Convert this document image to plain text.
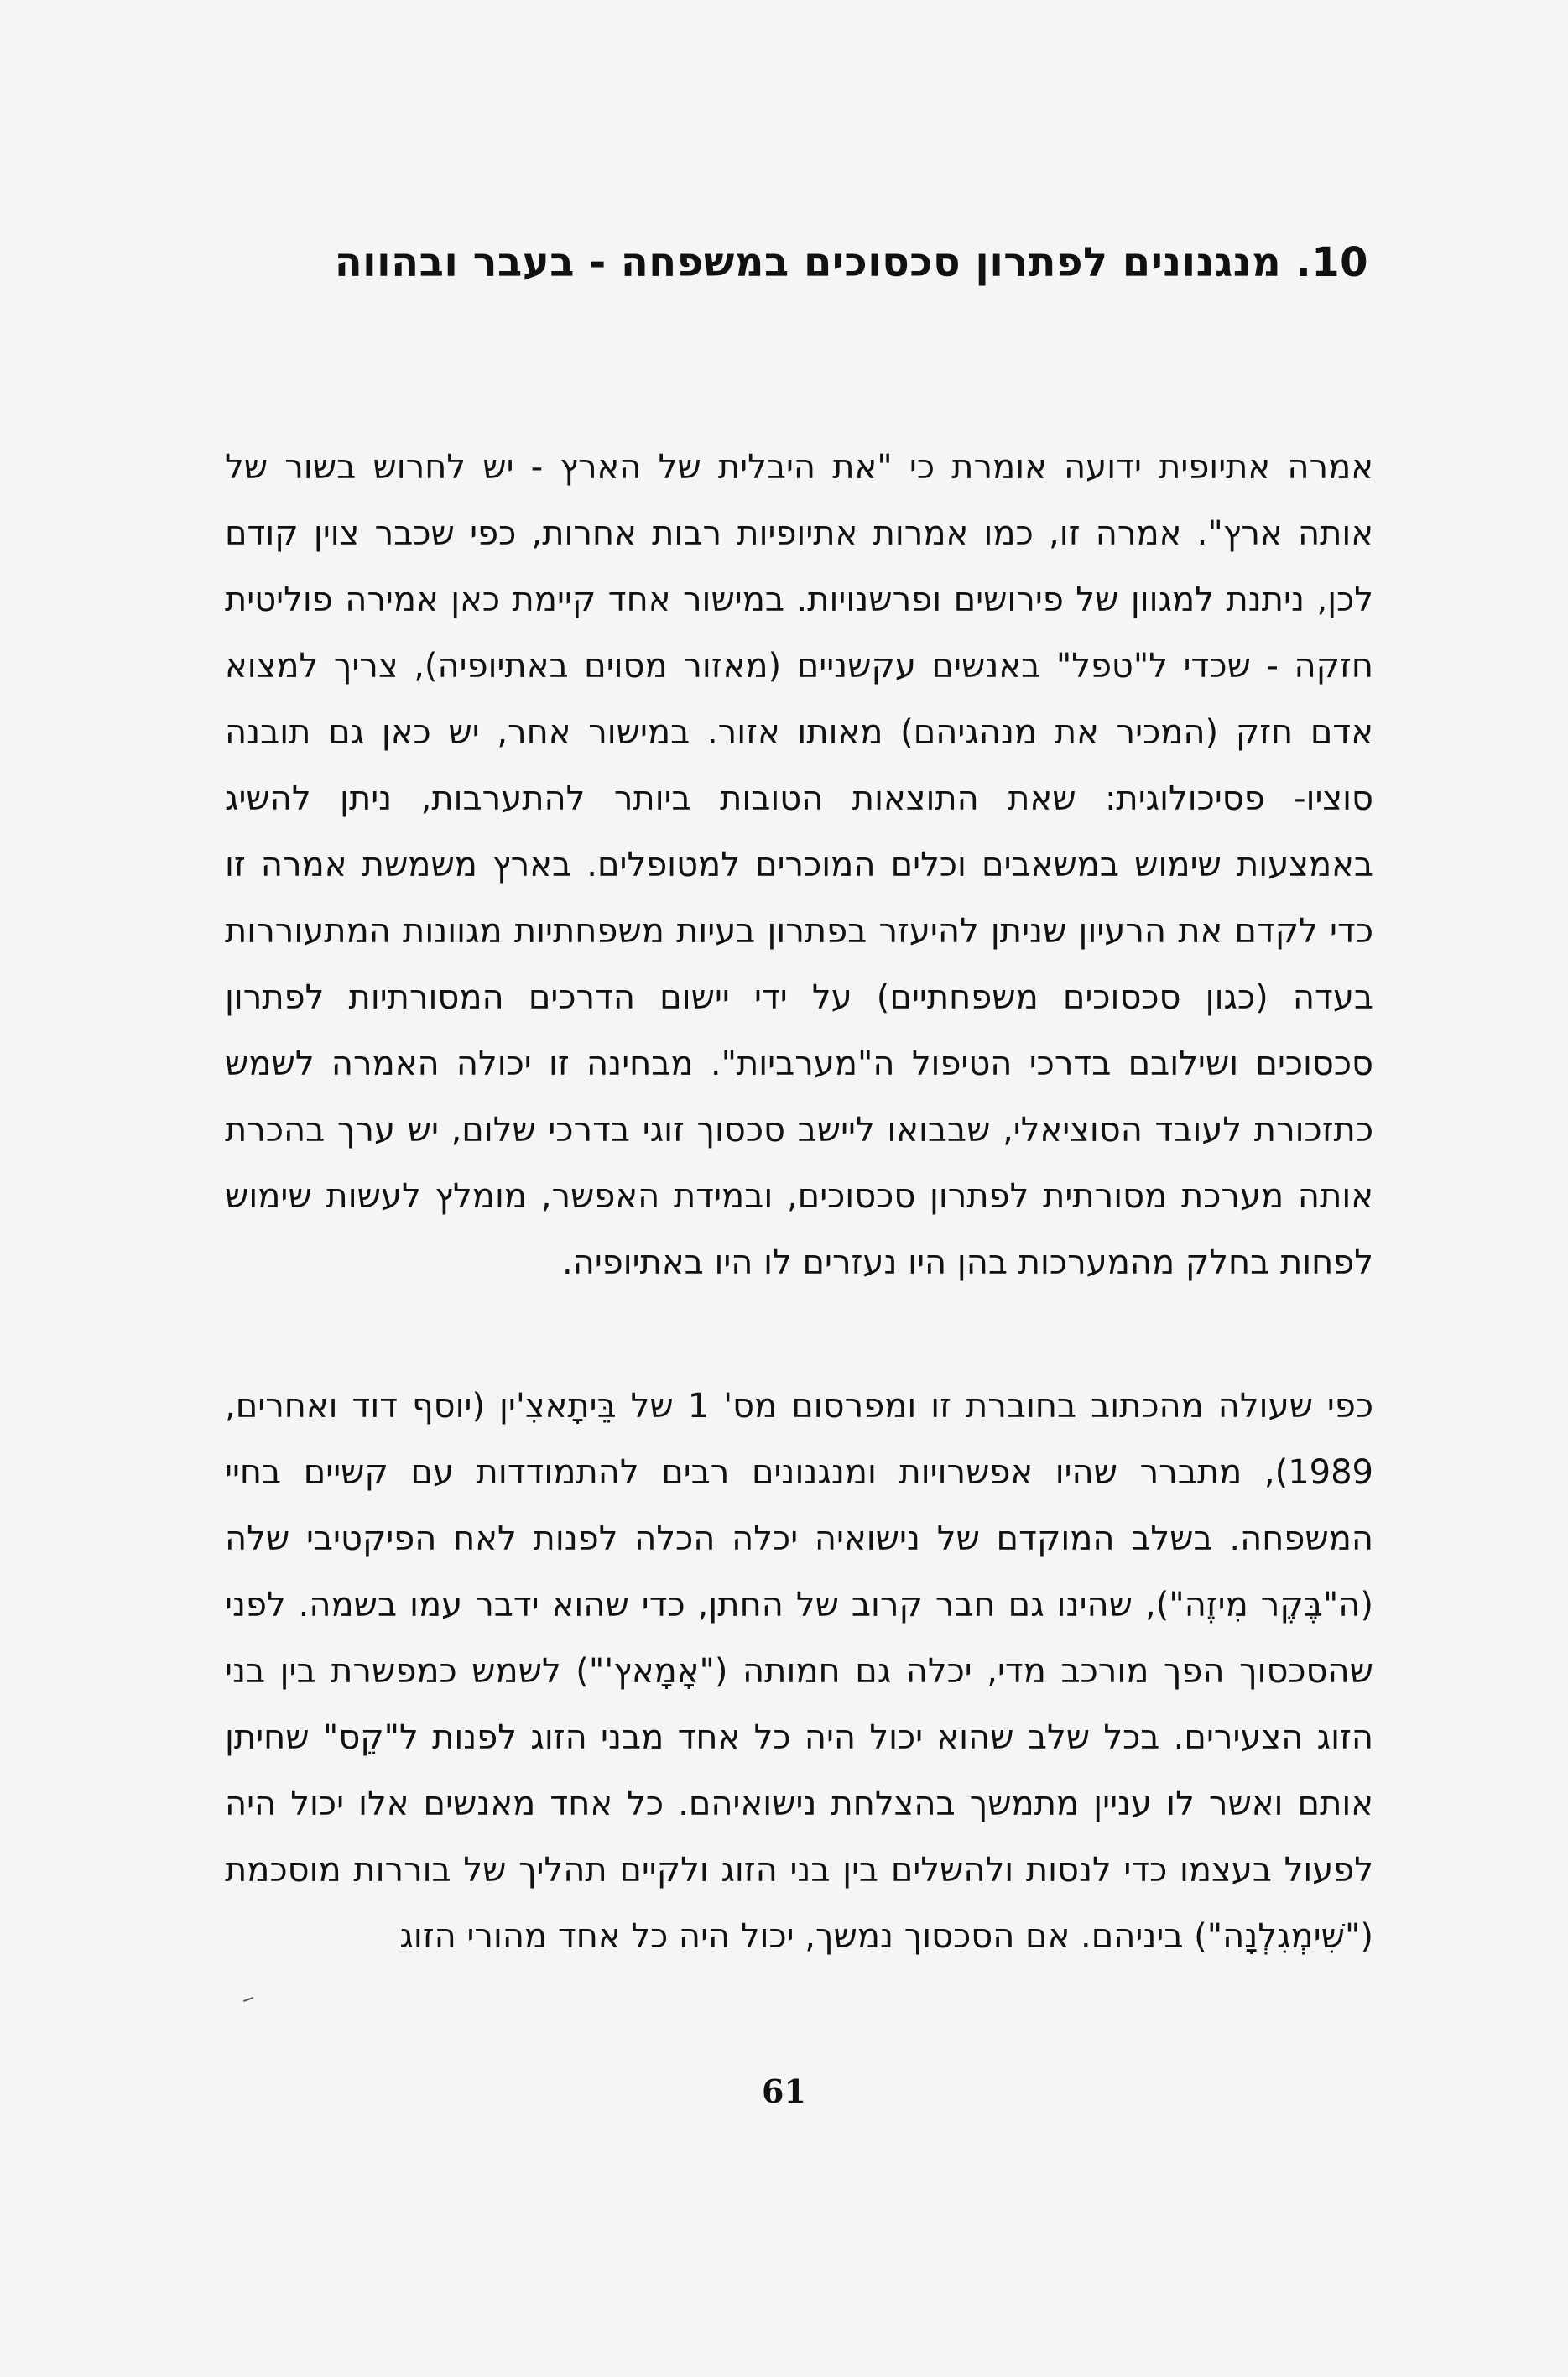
10. מנגנונים לפתרון סכסוכים במשפחה - בעבר ובהווה

אמרה אתיופית ידועה אומרת כי "את היבלית של הארץ - יש לחרוש בשור של אותה ארץ". אמרה זו, כמו אמרות אתיופיות רבות אחרות, כפי שכבר צוין קודם לכן, ניתנת למגוון של פירושים ופרשנויות. במישור אחד קיימת כאן אמירה פוליטית חזקה - שכדי ל"טפל" באנשים עקשניים (מאזור מסוים באתיופיה), צריך למצוא אדם חזק (המכיר את מנהגיהם) מאותו אזור. במישור אחר, יש כאן גם תובנה סוציו- פסיכולוגית: שאת התוצאות הטובות ביותר להתערבות, ניתן להשיג באמצעות שימוש במשאבים וכלים המוכרים למטופלים. בארץ משמשת אמרה זו כדי לקדם את הרעיון שניתן להיעזר בפתרון בעיות משפחתיות מגוונות המתעוררות בעדה (כגון סכסוכים משפחתיים) על ידי יישום הדרכים המסורתיות לפתרון סכסוכים ושילובם בדרכי הטיפול ה"מערביות". מבחינה זו יכולה האמרה לשמש כתזכורת לעובד הסוציאלי, שבבואו ליישב סכסוך זוגי בדרכי שלום, יש ערך בהכרת אותה מערכת מסורתית לפתרון סכסוכים, ובמידת האפשר, מומלץ לעשות שימוש לפחות בחלק מהמערכות בהן היו נעזרים לו היו באתיופיה.

כפי שעולה מהכתוב בחוברת זו ומפרסום מס' 1 של בֵּיתָאצִ'ין (יוסף דוד ואחרים, 1989), מתברר שהיו אפשרויות ומנגנונים רבים להתמודדות עם קשיים בחיי המשפחה. בשלב המוקדם של נישואיה יכלה הכלה לפנות לאח הפיקטיבי שלה (ה"בֶּקֶר מִיזֶה"), שהינו גם חבר קרוב של החתן, כדי שהוא ידבר עמו בשמה. לפני שהסכסוך הפך מורכב מדי, יכלה גם חמותה ("אָמָאץ'") לשמש כמפשרת בין בני הזוג הצעירים. בכל שלב שהוא יכול היה כל אחד מבני הזוג לפנות ל"קֵס" שחיתן אותם ואשר לו עניין מתמשך בהצלחת נישואיהם. כל אחד מאנשים אלו יכול היה לפעול בעצמו כדי לנסות ולהשלים בין בני הזוג ולקיים תהליך של בוררות מוסכמת ("שִׁימְגִלְנָה") ביניהם. אם הסכסוך נמשך, יכול היה כל אחד מהורי הזוג

61
